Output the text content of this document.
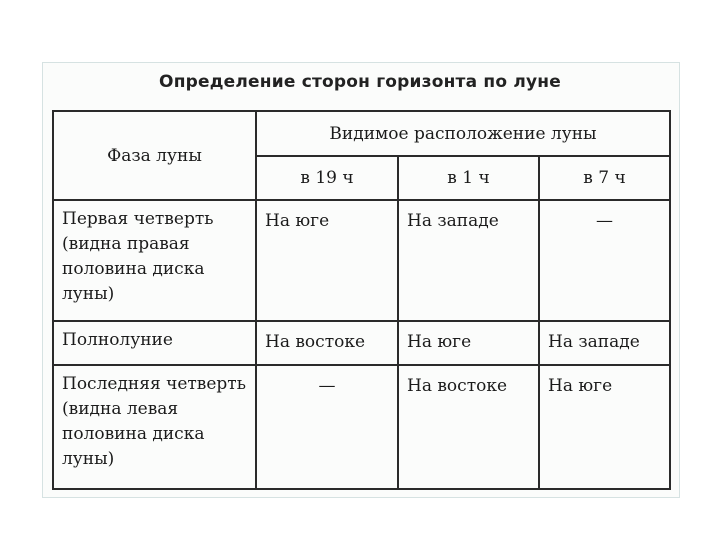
Определение сторон горизонта по луне
Фаза луны	Видимое расположение луны		
	в 19 ч	в 1 ч	в 7 ч
Первая четверть (видна правая половина диска луны)	На юге	На западе	—
Полнолуние	На востоке	На юге	На западе
Последняя четверть (видна левая половина диска луны)	—	На востоке	На юге
